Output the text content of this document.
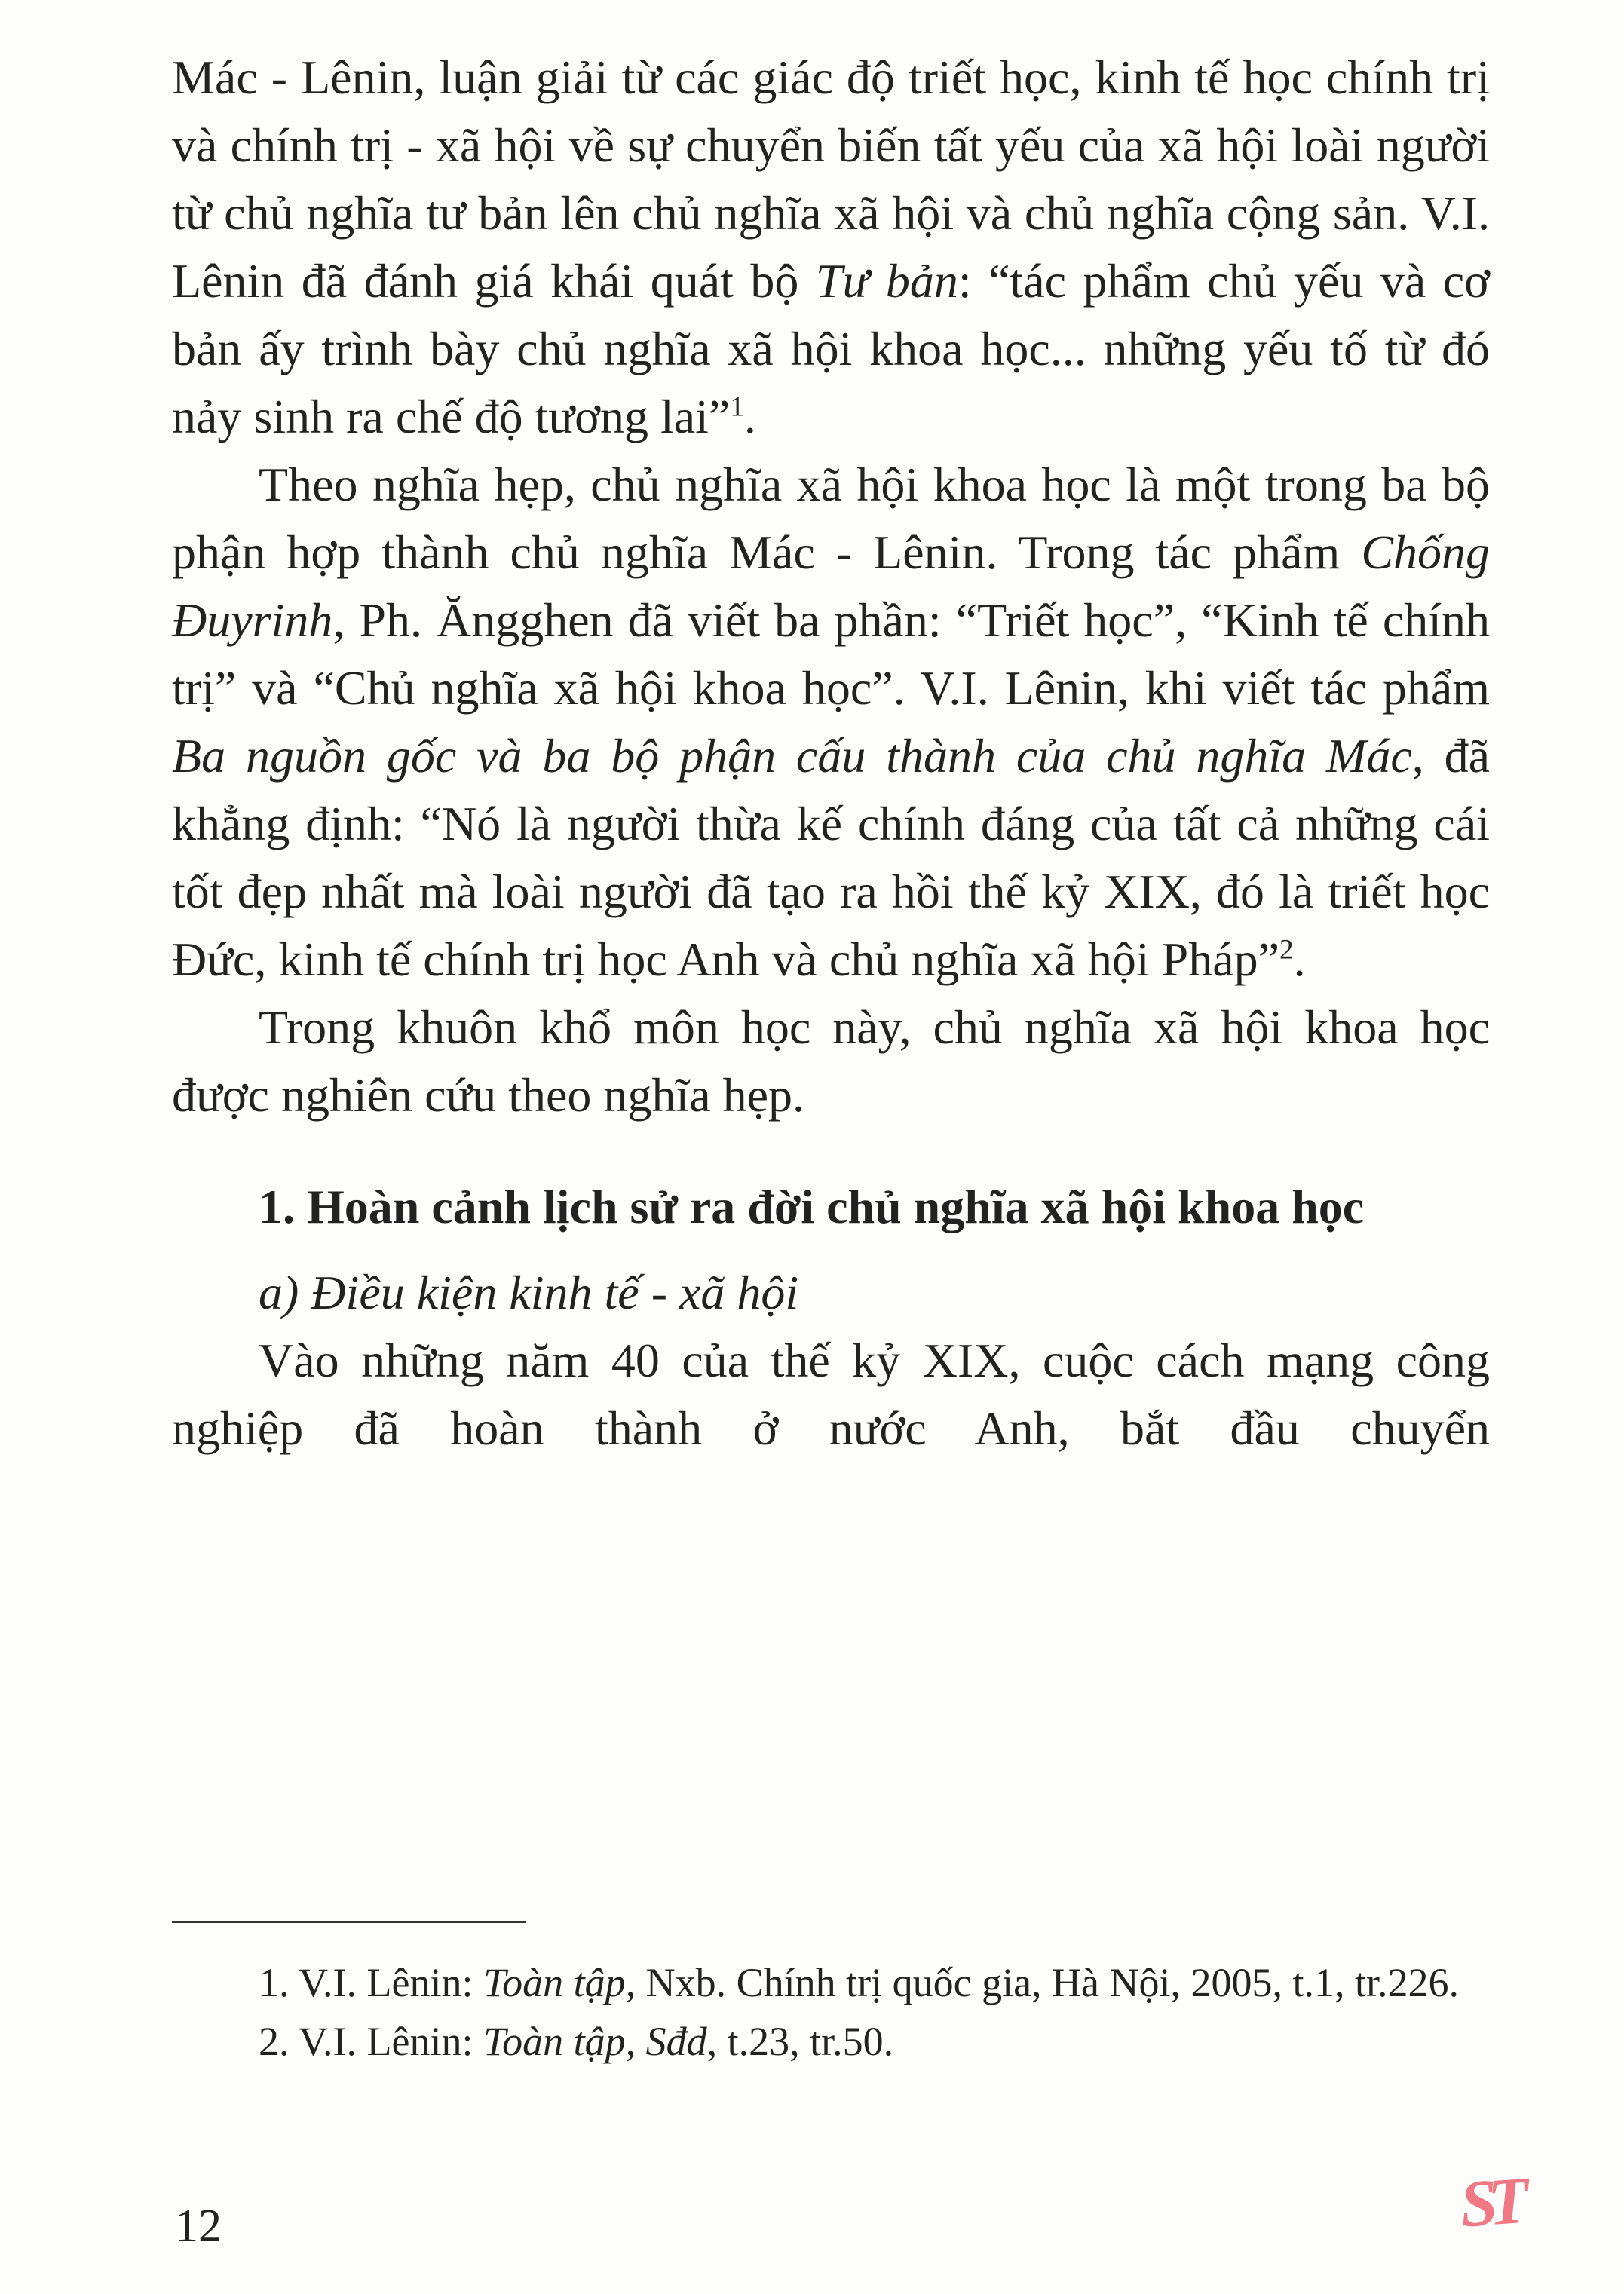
Mác - Lênin, luận giải từ các giác độ triết học, kinh tế học chính trị và chính trị - xã hội về sự chuyển biến tất yếu của xã hội loài người từ chủ nghĩa tư bản lên chủ nghĩa xã hội và chủ nghĩa cộng sản. V.I. Lênin đã đánh giá khái quát bộ Tư bản: “tác phẩm chủ yếu và cơ bản ấy trình bày chủ nghĩa xã hội khoa học... những yếu tố từ đó nảy sinh ra chế độ tương lai”$^1$.

Theo nghĩa hẹp, chủ nghĩa xã hội khoa học là một trong ba bộ phận hợp thành chủ nghĩa Mác - Lênin. Trong tác phẩm Chống Đuyrinh, Ph. Ăngghen đã viết ba phần: “Triết học”, “Kinh tế chính trị” và “Chủ nghĩa xã hội khoa học”. V.I. Lênin, khi viết tác phẩm Ba nguồn gốc và ba bộ phận cấu thành của chủ nghĩa Mác, đã khẳng định: “Nó là người thừa kế chính đáng của tất cả những cái tốt đẹp nhất mà loài người đã tạo ra hồi thế kỷ XIX, đó là triết học Đức, kinh tế chính trị học Anh và chủ nghĩa xã hội Pháp”$^2$.

Trong khuôn khổ môn học này, chủ nghĩa xã hội khoa học được nghiên cứu theo nghĩa hẹp.

1. Hoàn cảnh lịch sử ra đời chủ nghĩa xã hội khoa học

a) Điều kiện kinh tế - xã hội

Vào những năm 40 của thế kỷ XIX, cuộc cách mạng công nghiệp đã hoàn thành ở nước Anh, bắt đầu chuyển

1. V.I. Lênin: Toàn tập, Nxb. Chính trị quốc gia, Hà Nội, 2005, t.1, tr.226.

2. V.I. Lênin: Toàn tập, Sđd, t.23, tr.50.

12	ST
